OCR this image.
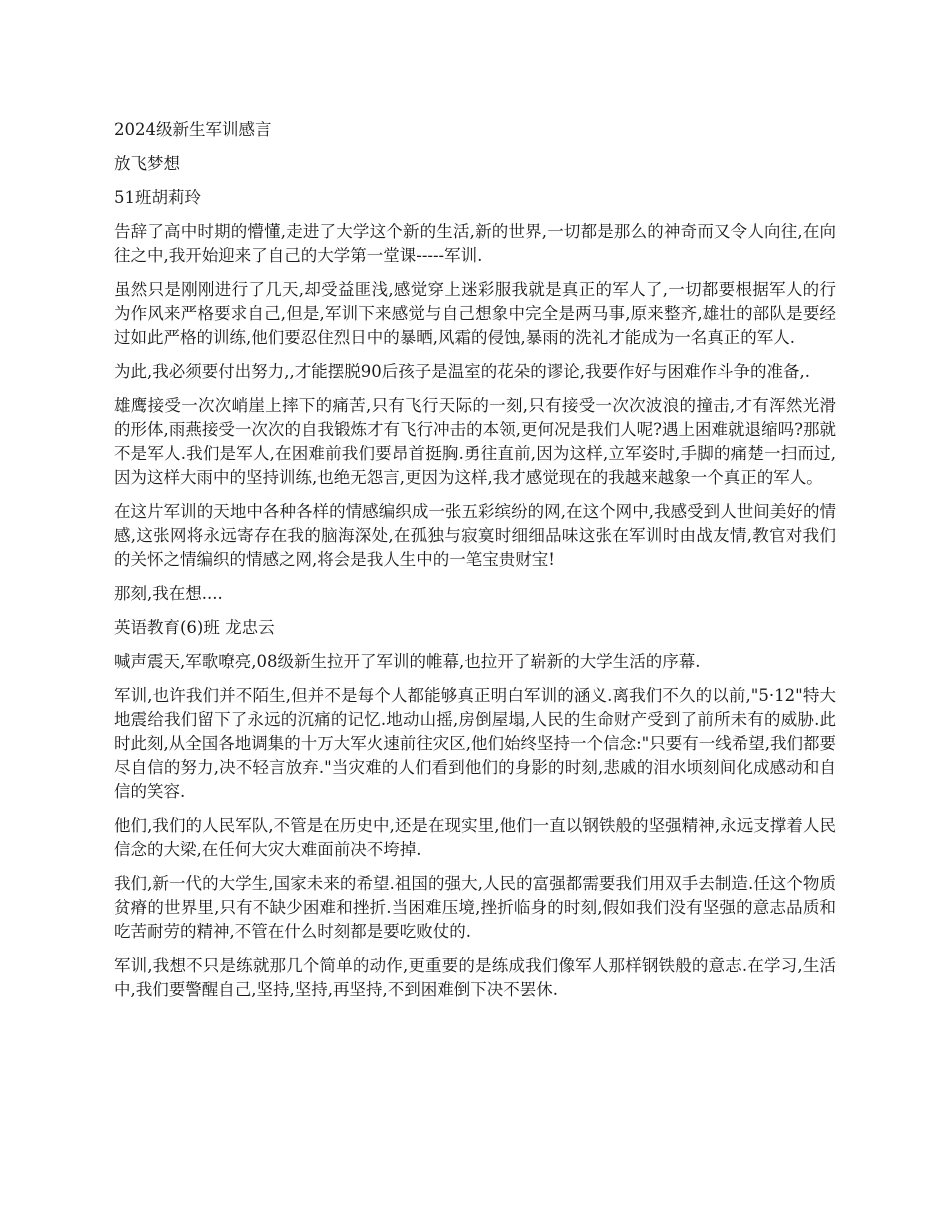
2024级新生军训感言

放飞梦想

51班胡莉玲

告辞了高中时期的懵懂,走进了大学这个新的生活,新的世界,一切都是那么的神奇而又令人向往,在向往之中,我开始迎来了自己的大学第一堂课-----军训.

虽然只是刚刚进行了几天,却受益匪浅,感觉穿上迷彩服我就是真正的军人了,一切都要根据军人的行为作风来严格要求自己,但是,军训下来感觉与自己想象中完全是两马事,原来整齐,雄壮的部队是要经过如此严格的训练,他们要忍住烈日中的暴晒,风霜的侵蚀,暴雨的洗礼才能成为一名真正的军人.

为此,我必须要付出努力,,才能摆脱90后孩子是温室的花朵的谬论,我要作好与困难作斗争的准备,.

雄鹰接受一次次峭崖上摔下的痛苦,只有飞行天际的一刻,只有接受一次次波浪的撞击,才有浑然光滑的形体,雨燕接受一次次的自我锻炼才有飞行冲击的本领,更何况是我们人呢?遇上困难就退缩吗?那就不是军人.我们是军人,在困难前我们要昂首挺胸.勇往直前,因为这样,立军姿时,手脚的痛楚一扫而过,因为这样大雨中的坚持训练,也绝无怨言,更因为这样,我才感觉现在的我越来越象一个真正的军人。

在这片军训的天地中各种各样的情感编织成一张五彩缤纷的网,在这个网中,我感受到人世间美好的情感,这张网将永远寄存在我的脑海深处,在孤独与寂寞时细细品味这张在军训时由战友情,教官对我们的关怀之情编织的情感之网,将会是我人生中的一笔宝贵财宝!

那刻,我在想....

英语教育(6)班 龙忠云

喊声震天,军歌嘹亮,08级新生拉开了军训的帷幕,也拉开了崭新的大学生活的序幕.

军训,也许我们并不陌生,但并不是每个人都能够真正明白军训的涵义.离我们不久的以前,"5·12"特大地震给我们留下了永远的沉痛的记忆.地动山摇,房倒屋塌,人民的生命财产受到了前所未有的威胁.此时此刻,从全国各地调集的十万大军火速前往灾区,他们始终坚持一个信念:"只要有一线希望,我们都要尽自信的努力,决不轻言放弃."当灾难的人们看到他们的身影的时刻,悲戚的泪水顷刻间化成感动和自信的笑容.

他们,我们的人民军队,不管是在历史中,还是在现实里,他们一直以钢铁般的坚强精神,永远支撑着人民信念的大梁,在任何大灾大难面前决不垮掉.

我们,新一代的大学生,国家未来的希望.祖国的强大,人民的富强都需要我们用双手去制造.任这个物质贫瘠的世界里,只有不缺少困难和挫折.当困难压境,挫折临身的时刻,假如我们没有坚强的意志品质和吃苦耐劳的精神,不管在什么时刻都是要吃败仗的.

军训,我想不只是练就那几个简单的动作,更重要的是练成我们像军人那样钢铁般的意志.在学习,生活中,我们要警醒自己,坚持,坚持,再坚持,不到困难倒下决不罢休.
